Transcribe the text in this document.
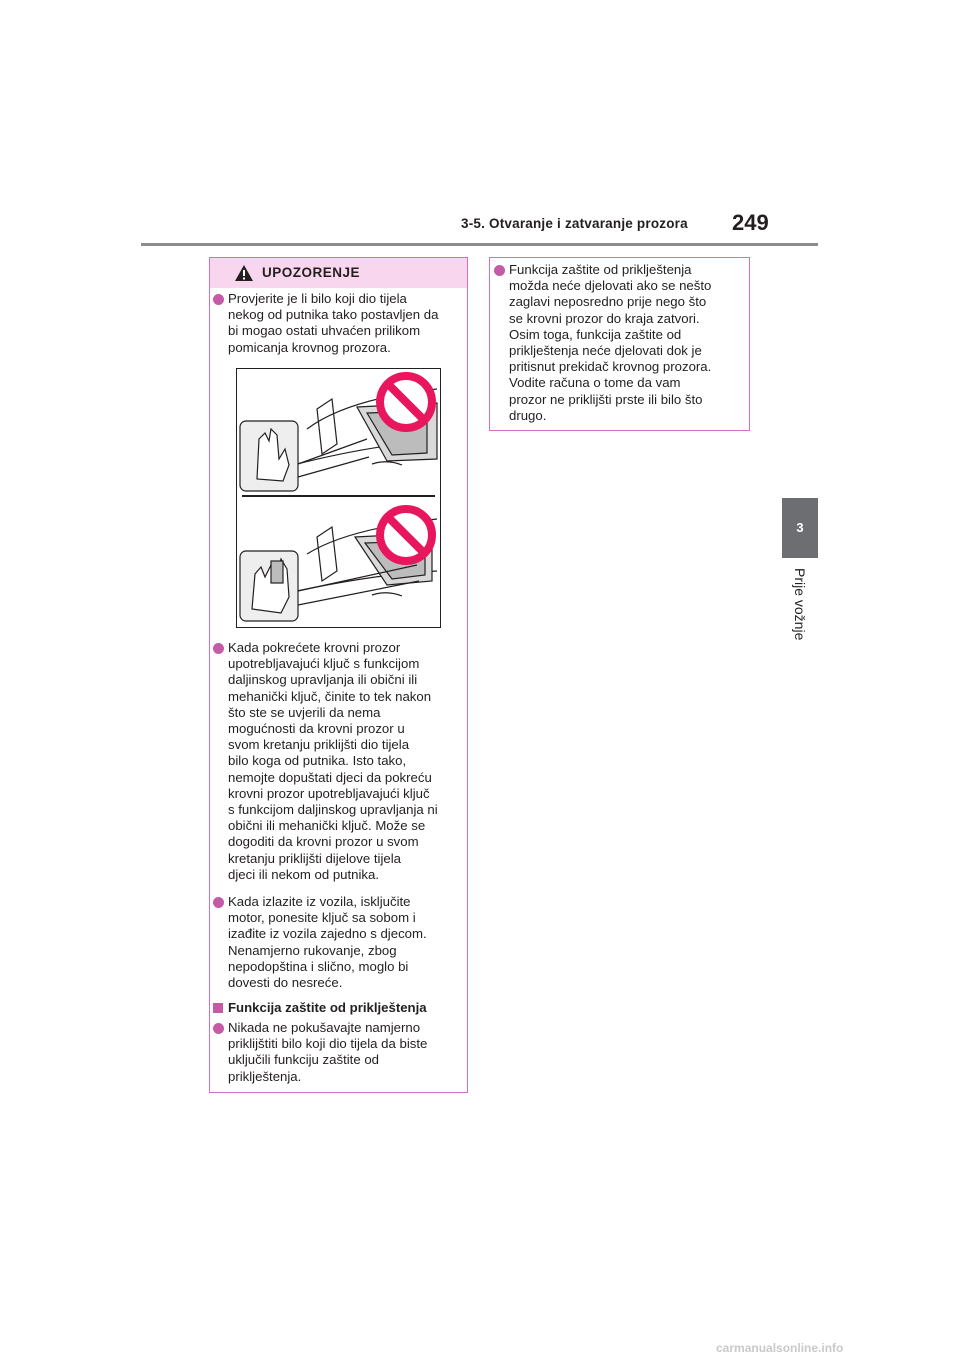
3-5. Otvaranje i zatvaranje prozora 249
3
Prije vožnje
UPOZORENJE
Provjerite je li bilo koji dio tijela
nekog od putnika tako postavljen da
bi mogao ostati uhvaćen prilikom
pomicanja krovnog prozora.
Kada pokrećete krovni prozor
upotrebljavajući ključ s funkcijom
daljinskog upravljanja ili obični ili
mehanički ključ, činite to tek nakon
što ste se uvjerili da nema
mogućnosti da krovni prozor u
svom kretanju priklijšti dio tijela
bilo koga od putnika. Isto tako,
nemojte dopuštati djeci da pokreću
krovni prozor upotrebljavajući ključ
s funkcijom daljinskog upravljanja ni
obični ili mehanički ključ. Može se
dogoditi da krovni prozor u svom
kretanju priklijšti dijelove tijela
djeci ili nekom od putnika.
Kada izlazite iz vozila, isključite
motor, ponesite ključ sa sobom i
izađite iz vozila zajedno s djecom.
Nenamjerno rukovanje, zbog
nepodopština i slično, moglo bi
dovesti do nesreće.
Funkcija zaštite od priklještenja
Nikada ne pokušavajte namjerno
priklijštiti bilo koji dio tijela da biste
uključili funkciju zaštite od
priklještenja.
Funkcija zaštite od priklještenja
možda neće djelovati ako se nešto
zaglavi neposredno prije nego što
se krovni prozor do kraja zatvori.
Osim toga, funkcija zaštite od
priklještenja neće djelovati dok je
pritisnut prekidač krovnog prozora.
Vodite računa o tome da vam
prozor ne priklijšti prste ili bilo što
drugo.
carmanualsonline.info
